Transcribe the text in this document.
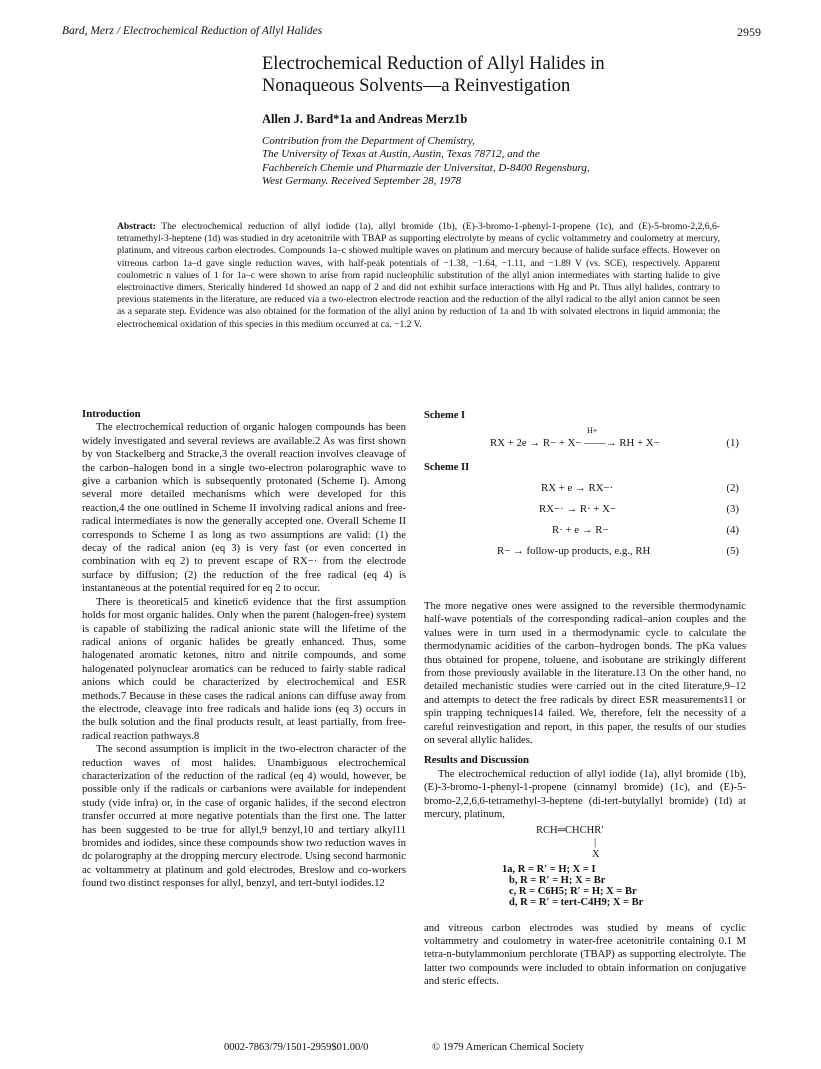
Bard, Merz / Electrochemical Reduction of Allyl Halides	2959
Electrochemical Reduction of Allyl Halides in
Nonaqueous Solvents—a Reinvestigation
Allen J. Bard*1a and Andreas Merz1b
Contribution from the Department of Chemistry,
The University of Texas at Austin, Austin, Texas 78712, and the
Fachbereich Chemie und Pharmazie der Universitat, D-8400 Regensburg,
West Germany. Received September 28, 1978
Abstract: The electrochemical reduction of allyl iodide (1a), allyl bromide (1b), (E)-3-bromo-1-phenyl-1-propene (1c), and (E)-5-bromo-2,2,6,6-tetramethyl-3-heptene (1d) was studied in dry acetonitrile with TBAP as supporting electrolyte by means of cyclic voltammetry and coulometry at mercury, platinum, and vitreous carbon electrodes. Compounds 1a–c showed multiple waves on platinum and mercury because of halide surface effects. However on vitreous carbon 1a–d gave single reduction waves, with half-peak potentials of −1.38, −1.64, −1.11, and −1.89 V (vs. SCE), respectively. Apparent coulometric n values of 1 for 1a–c were shown to arise from rapid nucleophilic substitution of the allyl anion intermediates with starting halide to give electroinactive dimers. Sterically hindered 1d showed an napp of 2 and did not exhibit surface interactions with Hg and Pt. Thus allyl halides, contrary to previous statements in the literature, are reduced via a two-electron electrode reaction and the reduction of the allyl radical to the allyl anion cannot be seen as a separate step. Evidence was also obtained for the formation of the allyl anion by reduction of 1a and 1b with solvated electrons in liquid ammonia; the electrochemical oxidation of this species in this medium occurred at ca. −1.2 V.

Introduction

The electrochemical reduction of organic halogen compounds has been widely investigated and several reviews are available.2 As was first shown by von Stackelberg and Stracke,3 the overall reaction involves cleavage of the carbon–halogen bond in a single two-electron polarographic wave to give a carbanion which is subsequently protonated (Scheme I). Among several more detailed mechanisms which were developed for this reaction,4 the one outlined in Scheme II involving radical anions and free-radical intermediates is now the generally accepted one. Overall Scheme II corresponds to Scheme I as long as two assumptions are valid: (1) the decay of the radical anion (eq 3) is very fast (or even concerted in combination with eq 2) to prevent escape of RX−· from the electrode surface by diffusion; (2) the reduction of the free radical (eq 4) is instantaneous at the potential required for eq 2 to occur.

There is theoretical5 and kinetic6 evidence that the first assumption holds for most organic halides. Only when the parent (halogen-free) system is capable of stabilizing the radical anionic state will the lifetime of the radical anions of organic halides be greatly enhanced. Thus, some halogenated aromatic ketones, nitro and nitrile compounds, and some halogenated polynuclear aromatics can be reduced to fairly stable radical anions which could be characterized by electrochemical and ESR methods.7 Because in these cases the radical anions can diffuse away from the electrode, cleavage into free radicals and halide ions (eq 3) occurs in the bulk solution and the final products result, at least partially, from free-radical reaction pathways.8

The second assumption is implicit in the two-electron character of the reduction waves of most halides. Unambiguous electrochemical characterization of the reduction of the radical (eq 4) would, however, be possible only if the radicals or carbanions were available for independent study (vide infra) or, in the case of organic halides, if the second electron transfer occurred at more negative potentials than the first one. The latter has been suggested to be true for allyl,9 benzyl,10 and tertiary alkyl11 bromides and iodides, since these compounds show two reduction waves in dc polarography at the dropping mercury electrode. Using second harmonic ac voltammetry at platinum and gold electrodes, Breslow and co-workers found two distinct responses for allyl, benzyl, and tert-butyl iodides.12

Scheme I
H+
RX + 2e → R− + X− ——→ RH + X−	(1)
Scheme II
RX + e → RX−·	(2)
RX−· → R· + X−	(3)
R· + e → R−	(4)
R− → follow-up products, e.g., RH	(5)

The more negative ones were assigned to the reversible thermodynamic half-wave potentials of the corresponding radical–anion couples and the values were in turn used in a thermodynamic cycle to calculate the thermodynamic acidities of the carbon–hydrogen bonds. The pKa values thus obtained for propene, toluene, and isobutane are strikingly different from those previously available in the literature.13 On the other hand, no detailed mechanistic studies were carried out in the cited literature,9–12 and attempts to detect the free radicals by direct ESR measurements11 or spin trapping techniques14 failed. We, therefore, felt the necessity of a careful reinvestigation and report, in this paper, the results of our studies on several allylic halides.

Results and Discussion

The electrochemical reduction of allyl iodide (1a), allyl bromide (1b), (E)-3-bromo-1-phenyl-1-propene (cinnamyl bromide) (1c), and (E)-5-bromo-2,2,6,6-tetramethyl-3-heptene (di-tert-butylallyl bromide) (1d) at mercury, platinum,

RCH═CHCHR′
|
X
1a, R = R′ = H; X = I
b, R = R′ = H; X = Br
c, R = C6H5; R′ = H; X = Br
d, R = R′ = tert-C4H9; X = Br

and vitreous carbon electrodes was studied by means of cyclic voltammetry and coulometry in water-free acetonitrile containing 0.1 M tetra-n-butylammonium perchlorate (TBAP) as supporting electrolyte. The latter two compounds were included to obtain information on conjugative and steric effects.

0002-7863/79/1501-2959$01.00/0	© 1979 American Chemical Society
